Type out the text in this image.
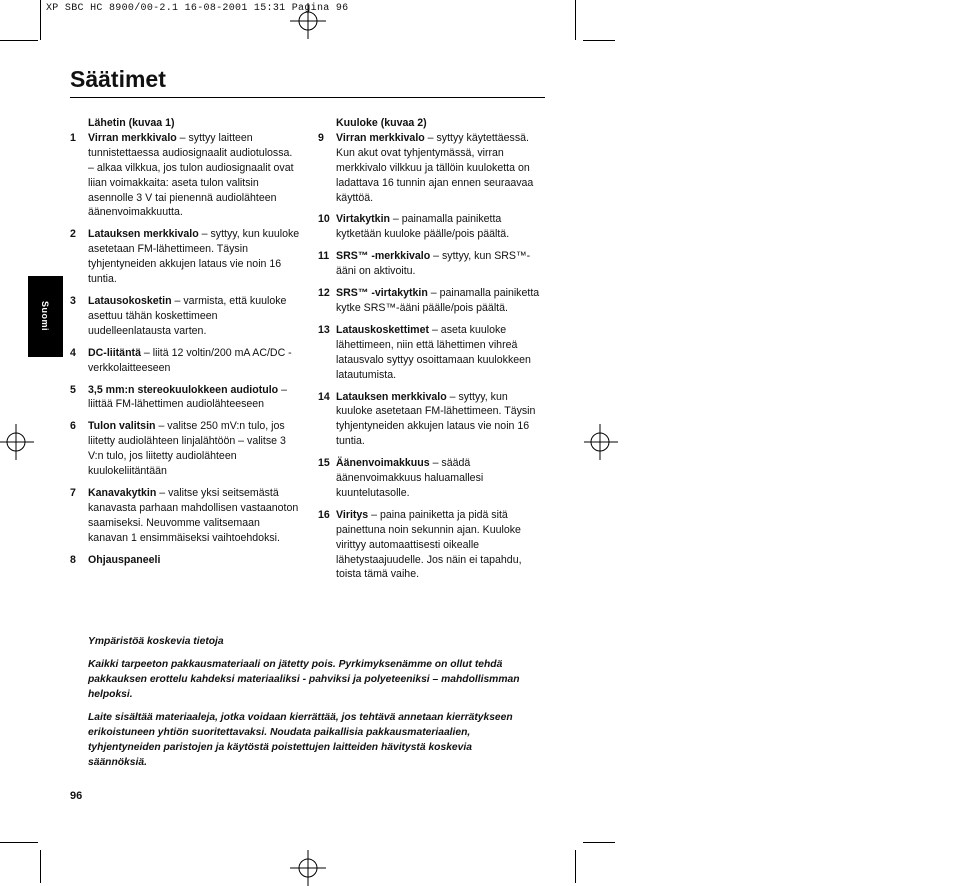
XP SBC HC 8900/00-2.1 16-08-2001 15:31 Pagina 96
Säätimet
Suomi
Lähetin (kuvaa 1)
1	Virran merkkivalo – syttyy laitteen tunnistettaessa audiosignaalit audiotulossa. – alkaa vilkkua, jos tulon audiosignaalit ovat liian voimakkaita: aseta tulon valitsin asennolle 3 V tai pienennä audiolähteen äänenvoimakkuutta.
2	Latauksen merkkivalo – syttyy, kun kuuloke asetetaan FM-lähettimeen. Täysin tyhjentyneiden akkujen lataus vie noin 16 tuntia.
3	Latausokosketin – varmista, että kuuloke asettuu tähän koskettimeen uudelleenlatausta varten.
4	DC-liitäntä – liitä 12 voltin/200 mA AC/DC -verkkolaitteeseen
5	3,5 mm:n stereokuulokkeen audiotulo – liittää FM-lähettimen audiolähteeseen
6	Tulon valitsin – valitse 250 mV:n tulo, jos liitetty audiolähteen linjalähtöön – valitse 3 V:n tulo, jos liitetty audiolähteen kuulokeliitäntään
7	Kanavakytkin – valitse yksi seitsemästä kanavasta parhaan mahdollisen vastaanoton saamiseksi. Neuvomme valitsemaan kanavan 1 ensimmäiseksi vaihtoehdoksi.
8	Ohjauspaneeli
Kuuloke (kuvaa 2)
9	Virran merkkivalo – syttyy käytettäessä. Kun akut ovat tyhjentymässä, virran merkkivalo vilkkuu ja tällöin kuuloketta on ladattava 16 tunnin ajan ennen seuraavaa käyttöä.
10 Virtakytkin – painamalla painiketta kytketään kuuloke päälle/pois päältä.
11 SRS™ -merkkivalo – syttyy, kun SRS™-ääni on aktivoitu.
12 SRS™ -virtakytkin – painamalla painiketta kytke SRS™-ääni päälle/pois päältä.
13 Latauskoskettimet – aseta kuuloke lähettimeen, niin että lähettimen vihreä latausvalo syttyy osoittamaan kuulokkeen latautumista.
14 Latauksen merkkivalo – syttyy, kun kuuloke asetetaan FM-lähettimeen. Täysin tyhjentyneiden akkujen lataus vie noin 16 tuntia.
15 Äänenvoimakkuus – säädä äänenvoimakkuus haluamallesi kuuntelutasolle.
16 Viritys – paina painiketta ja pidä sitä painettuna noin sekunnin ajan. Kuuloke virittyy automaattisesti oikealle lähetystaajuudelle. Jos näin ei tapahdu, toista tämä vaihe.

Ympäristöä koskevia tietoja

Kaikki tarpeeton pakkausmateriaali on jätetty pois. Pyrkimyksenämme on ollut tehdä pakkauksen erottelu kahdeksi materiaaliksi - pahviksi ja polyeteeniksi – mahdollismman helpoksi.

Laite sisältää materiaaleja, jotka voidaan kierrättää, jos tehtävä annetaan kierrätykseen erikoistuneen yhtiön suoritettavaksi. Noudata paikallisia pakkausmateriaalien, tyhjentyneiden paristojen ja käytöstä poistettujen laitteiden hävitystä koskevia säännöksiä.

96
